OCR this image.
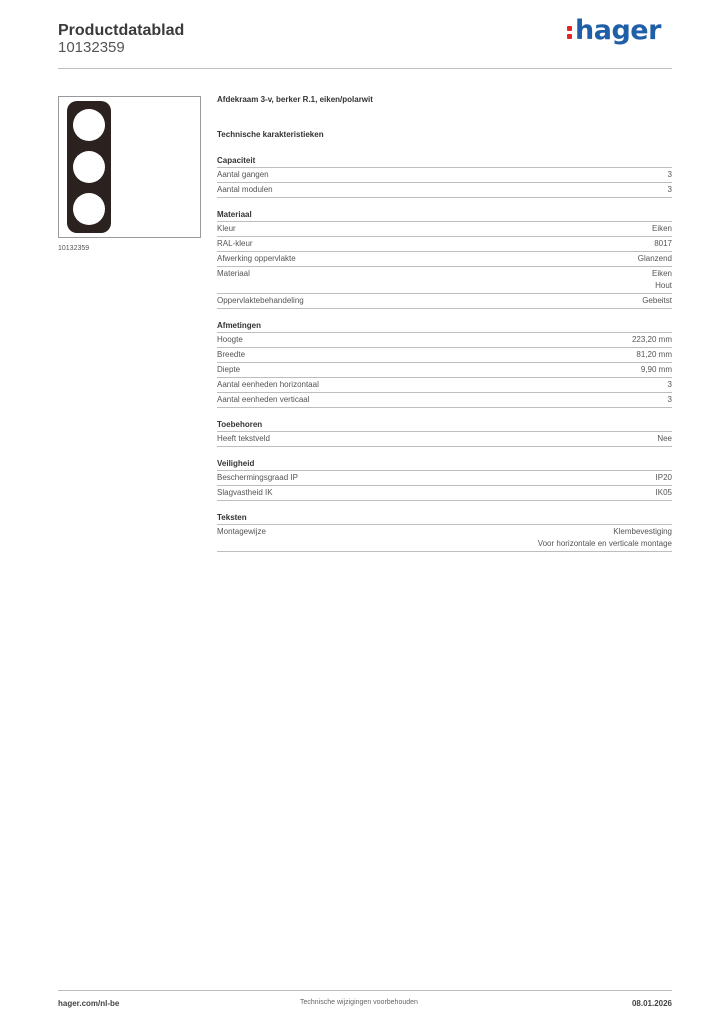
Productdatablad
10132359
hager
10132359
Afdekraam 3-v, berker R.1, eiken/polarwit
Technische karakteristieken
Capaciteit
Aantal gangen	3
Aantal modulen	3
Materiaal
Kleur	Eiken
RAL-kleur	8017
Afwerking oppervlakte	Glanzend
Materiaal	Eiken
Hout
Oppervlaktebehandeling	Gebeitst
Afmetingen
Hoogte	223,20 mm
Breedte	81,20 mm
Diepte	9,90 mm
Aantal eenheden horizontaal	3
Aantal eenheden verticaal	3
Toebehoren
Heeft tekstveld	Nee
Veiligheid
Beschermingsgraad IP	IP20
Slagvastheid IK	IK05
Teksten
Montagewijze	Klembevestiging
Voor horizontale en verticale montage
hager.com/nl-be	Technische wijzigingen voorbehouden	08.01.2026
